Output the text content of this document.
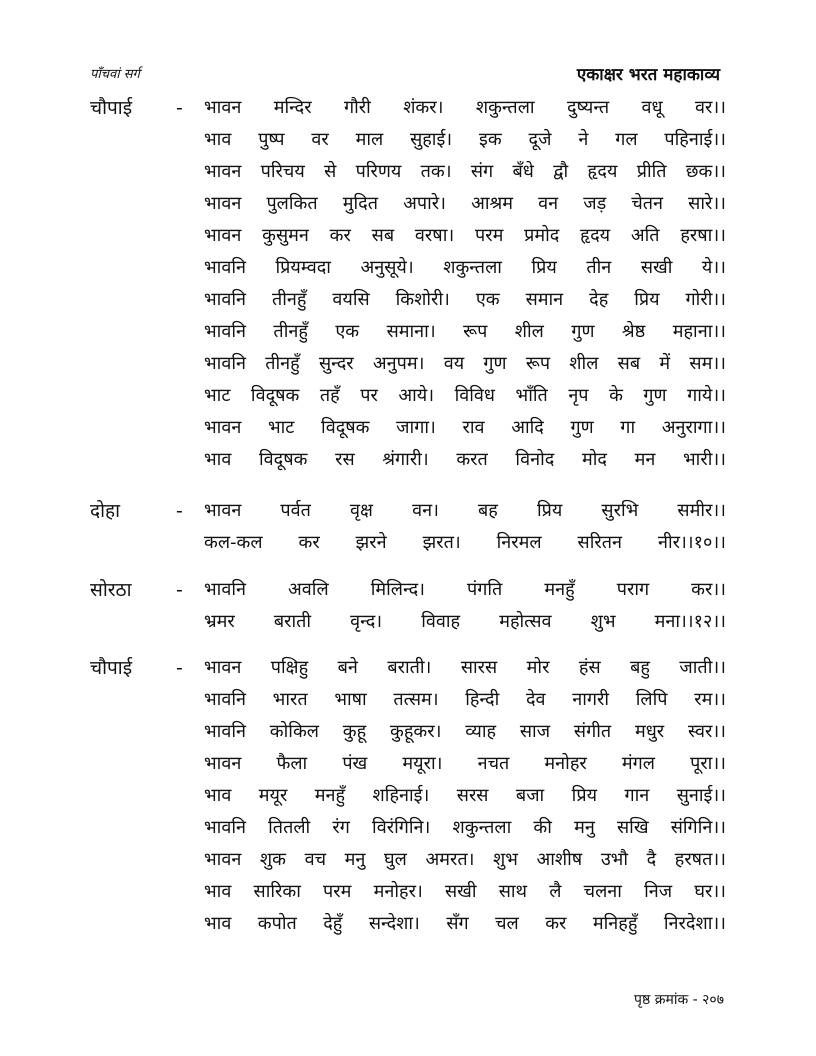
पाँचवां सर्ग	एकाक्षर भरत महाकाव्य
चौपाई	- भावन मन्दिर गौरी शंकर। शकुन्तला दुष्यन्त वधू वर।।
भाव पुष्प वर माल सुहाई। इक दूजे ने गल पहिनाई।।
भावन परिचय से परिणय तक। संग बँधे द्वौ हृदय प्रीति छक।।
भावन पुलकित मुदित अपारे। आश्रम वन जड़ चेतन सारे।।
भावन कुसुमन कर सब वरषा। परम प्रमोद हृदय अति हरषा।।
भावनि प्रियम्वदा अनुसूये। शकुन्तला प्रिय तीन सखी ये।।
भावनि तीनहुँ वयसि किशोरी। एक समान देह प्रिय गोरी।।
भावनि तीनहुँ एक समाना। रूप शील गुण श्रेष्ठ महाना।।
भावनि तीनहुँ सुन्दर अनुपम। वय गुण रूप शील सब में सम।।
भाट विदूषक तहँ पर आये। विविध भाँति नृप के गुण गाये।।
भावन भाट विदूषक जागा। राव आदि गुण गा अनुरागा।।
भाव विदूषक रस श्रंगारी। करत विनोद मोद मन भारी।।
दोहा	- भावन पर्वत वृक्ष वन। बह प्रिय सुरभि समीर।।
कल-कल कर झरने झरत। निरमल सरितन नीर।।१०।।
सोरठा	- भावनि अवलि मिलिन्द। पंगति मनहुँ पराग कर।।
भ्रमर बराती वृन्द। विवाह महोत्सव शुभ मना।।१२।।
चौपाई	- भावन पक्षिहु बने बराती। सारस मोर हंस बहु जाती।।
भावनि भारत भाषा तत्सम। हिन्दी देव नागरी लिपि रम।।
भावनि कोकिल कुहू कुहूकर। व्याह साज संगीत मधुर स्वर।।
भावन फैला पंख मयूरा। नचत मनोहर मंगल पूरा।।
भाव मयूर मनहुँ शहिनाई। सरस बजा प्रिय गान सुनाई।।
भावनि तितली रंग विरंगिनि। शकुन्तला की मनु सखि संगिनि।।
भावन शुक वच मनु घुल अमरत। शुभ आशीष उभौ दै हरषत।।
भाव सारिका परम मनोहर। सखी साथ लै चलना निज घर।।
भाव कपोत देहुँ सन्देशा। सँग चल कर मनिहहुँ निरदेशा।।
पृष्ठ क्रमांक - २०७
